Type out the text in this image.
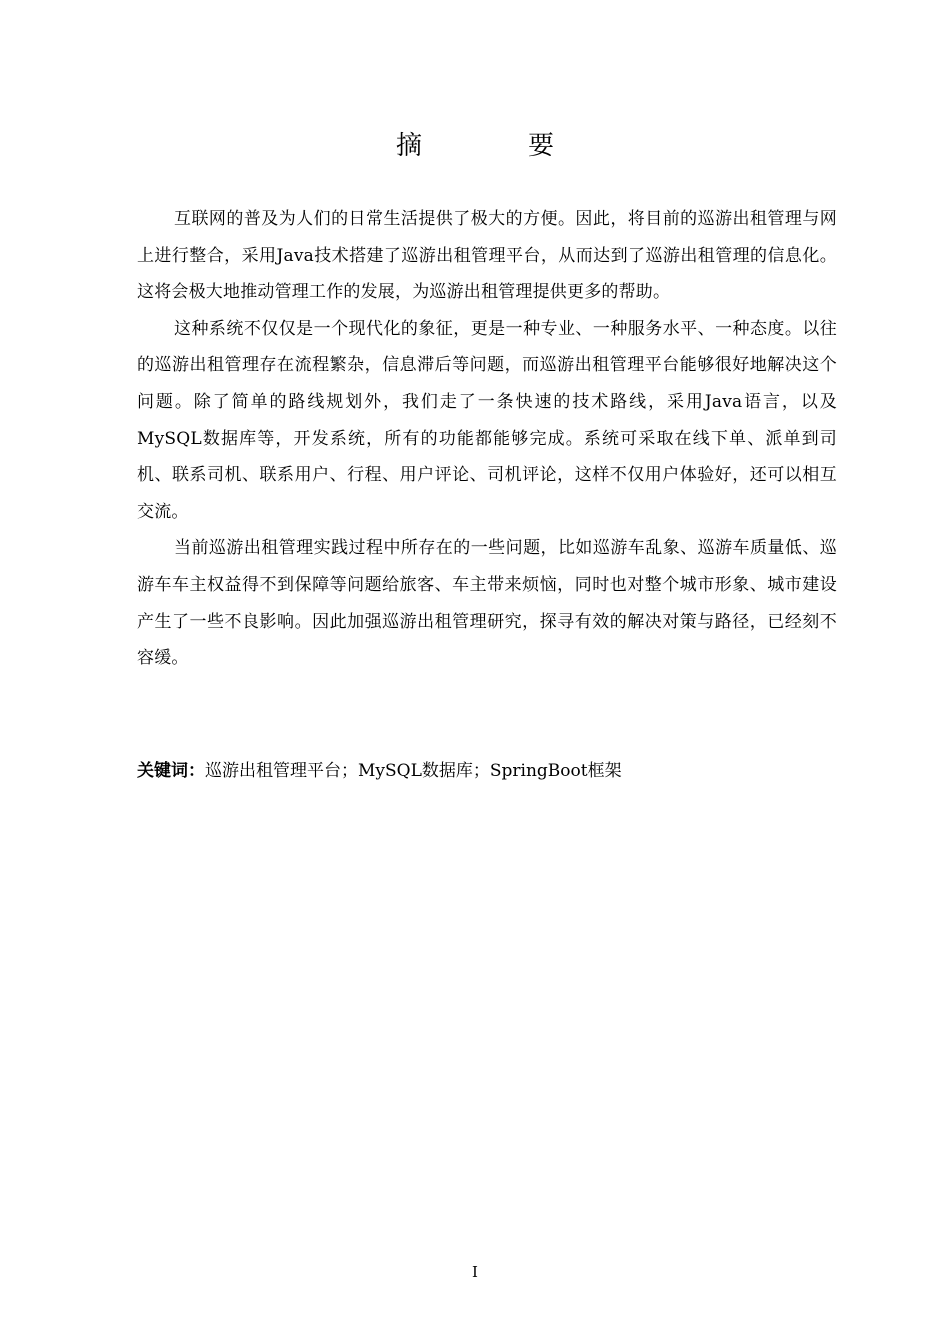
摘　要

互联网的普及为人们的日常生活提供了极大的方便。因此，将目前的巡游出租管理与网上进行整合，采用Java技术搭建了巡游出租管理平台，从而达到了巡游出租管理的信息化。这将会极大地推动管理工作的发展，为巡游出租管理提供更多的帮助。

这种系统不仅仅是一个现代化的象征，更是一种专业、一种服务水平、一种态度。以往的巡游出租管理存在流程繁杂，信息滞后等问题，而巡游出租管理平台能够很好地解决这个问题。除了简单的路线规划外，我们走了一条快速的技术路线，采用Java语言，以及MySQL数据库等，开发系统，所有的功能都能够完成。系统可采取在线下单、派单到司机、联系司机、联系用户、行程、用户评论、司机评论，这样不仅用户体验好，还可以相互交流。

当前巡游出租管理实践过程中所存在的一些问题，比如巡游车乱象、巡游车质量低、巡游车车主权益得不到保障等问题给旅客、车主带来烦恼，同时也对整个城市形象、城市建设产生了一些不良影响。因此加强巡游出租管理研究，探寻有效的解决对策与路径，已经刻不容缓。

关键词：巡游出租管理平台；MySQL数据库；SpringBoot框架
I
